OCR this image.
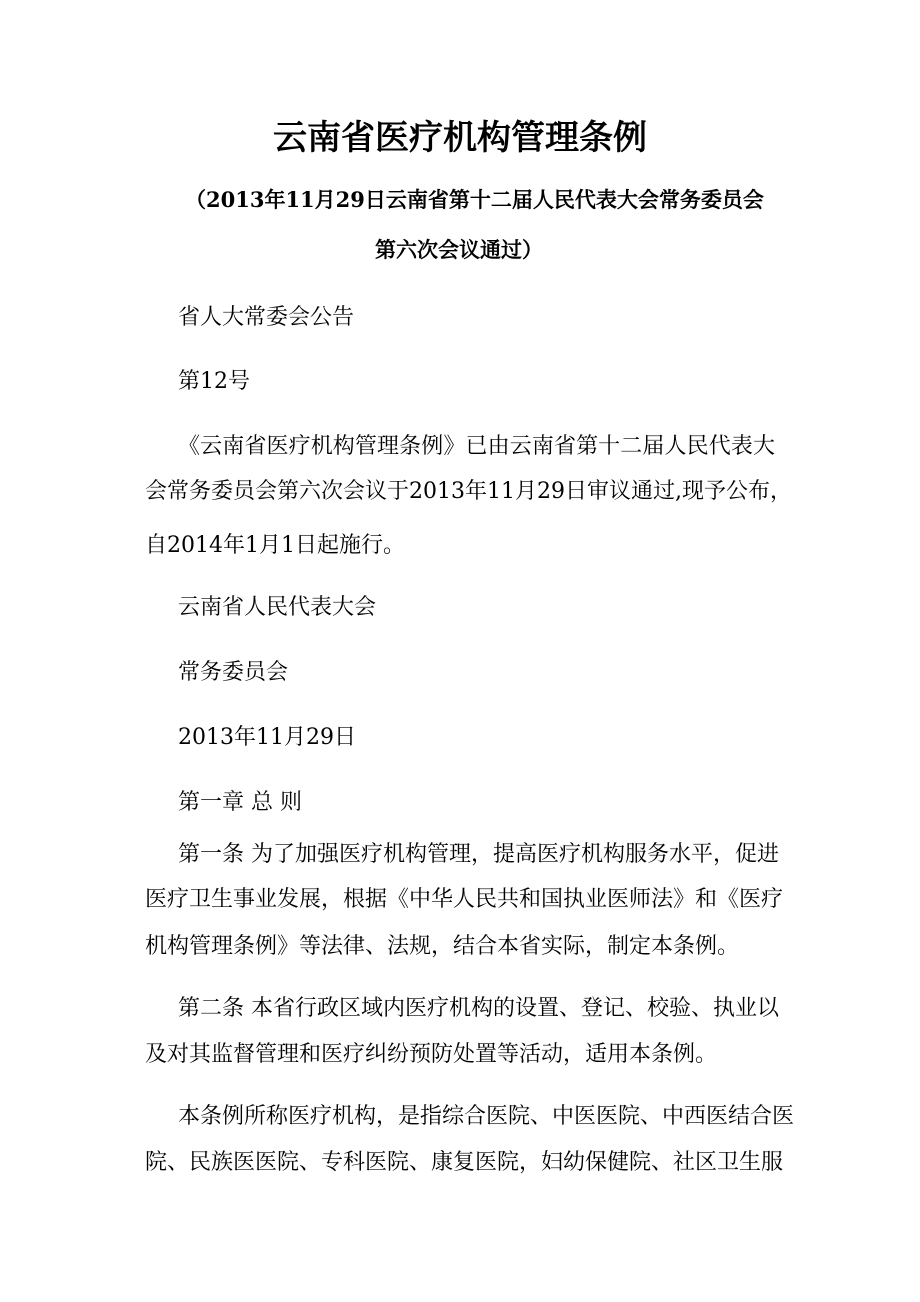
云南省医疗机构管理条例
（2013年11月29日云南省第十二届人民代表大会常务委员会
第六次会议通过）
省人大常委会公告
第12号
《云南省医疗机构管理条例》已由云南省第十二届人民代表大
会常务委员会第六次会议于2013年11月29日审议通过,现予公布，
自2014年1月1日起施行。
云南省人民代表大会
常务委员会
2013年11月29日
第一章 总 则
第一条 为了加强医疗机构管理，提高医疗机构服务水平，促进
医疗卫生事业发展，根据《中华人民共和国执业医师法》和《医疗
机构管理条例》等法律、法规，结合本省实际，制定本条例。
第二条 本省行政区域内医疗机构的设置、登记、校验、执业以
及对其监督管理和医疗纠纷预防处置等活动，适用本条例。
本条例所称医疗机构，是指综合医院、中医医院、中西医结合医
院、民族医医院、专科医院、康复医院，妇幼保健院、社区卫生服
